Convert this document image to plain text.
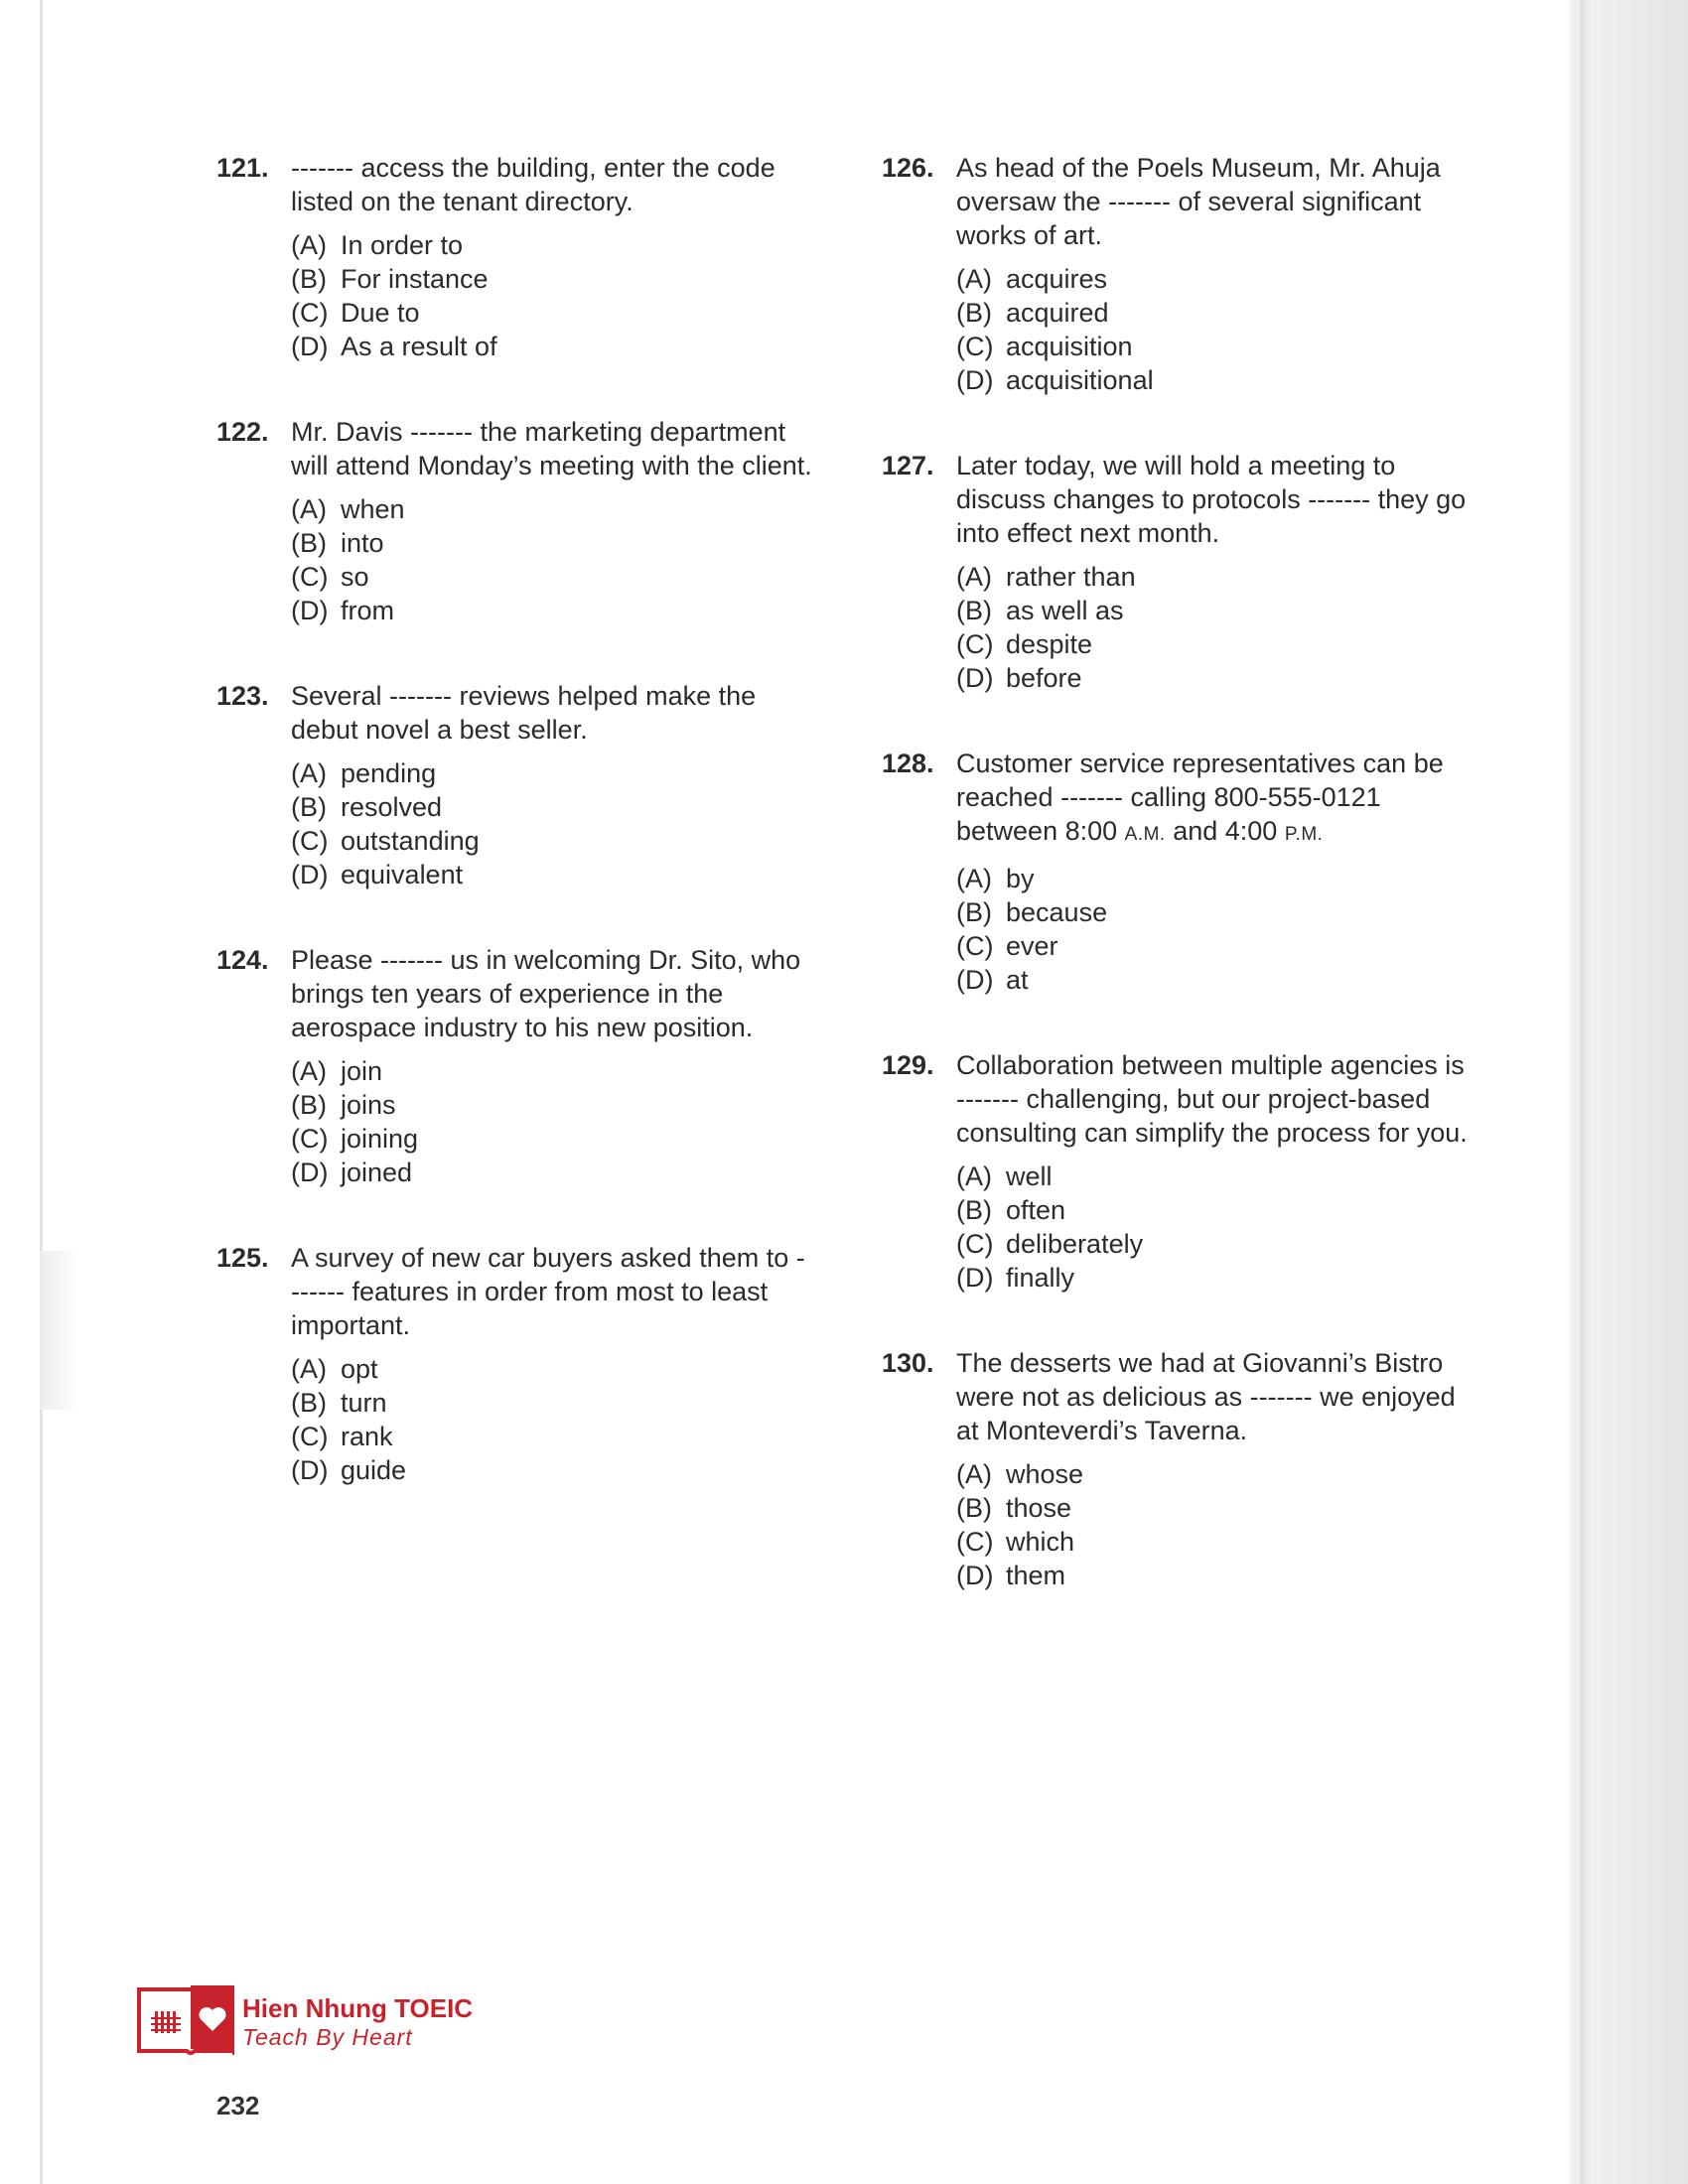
121. ------- access the building, enter the code listed on the tenant directory.

(A) In order to
(B) For instance
(C) Due to
(D) As a result of
122. Mr. Davis ------- the marketing department will attend Monday’s meeting with the client.

(A) when
(B) into
(C) so
(D) from
123. Several ------- reviews helped make the debut novel a best seller.

(A) pending
(B) resolved
(C) outstanding
(D) equivalent
124. Please ------- us in welcoming Dr. Sito, who brings ten years of experience in the aerospace industry to his new position.

(A) join
(B) joins
(C) joining
(D) joined
125. A survey of new car buyers asked them to ------- features in order from most to least important.

(A) opt
(B) turn
(C) rank
(D) guide
126. As head of the Poels Museum, Mr. Ahuja oversaw the ------- of several significant works of art.

(A) acquires
(B) acquired
(C) acquisition
(D) acquisitional
127. Later today, we will hold a meeting to discuss changes to protocols ------- they go into effect next month.

(A) rather than
(B) as well as
(C) despite
(D) before
128. Customer service representatives can be reached ------- calling 800-555-0121 between 8:00 A.M. and 4:00 P.M.

(A) by
(B) because
(C) ever
(D) at
129. Collaboration between multiple agencies is ------- challenging, but our project-based consulting can simplify the process for you.

(A) well
(B) often
(C) deliberately
(D) finally
130. The desserts we had at Giovanni’s Bistro were not as delicious as ------- we enjoyed at Monteverdi’s Taverna.

(A) whose
(B) those
(C) which
(D) them
Hien Nhung TOEIC
Teach By Heart
232
